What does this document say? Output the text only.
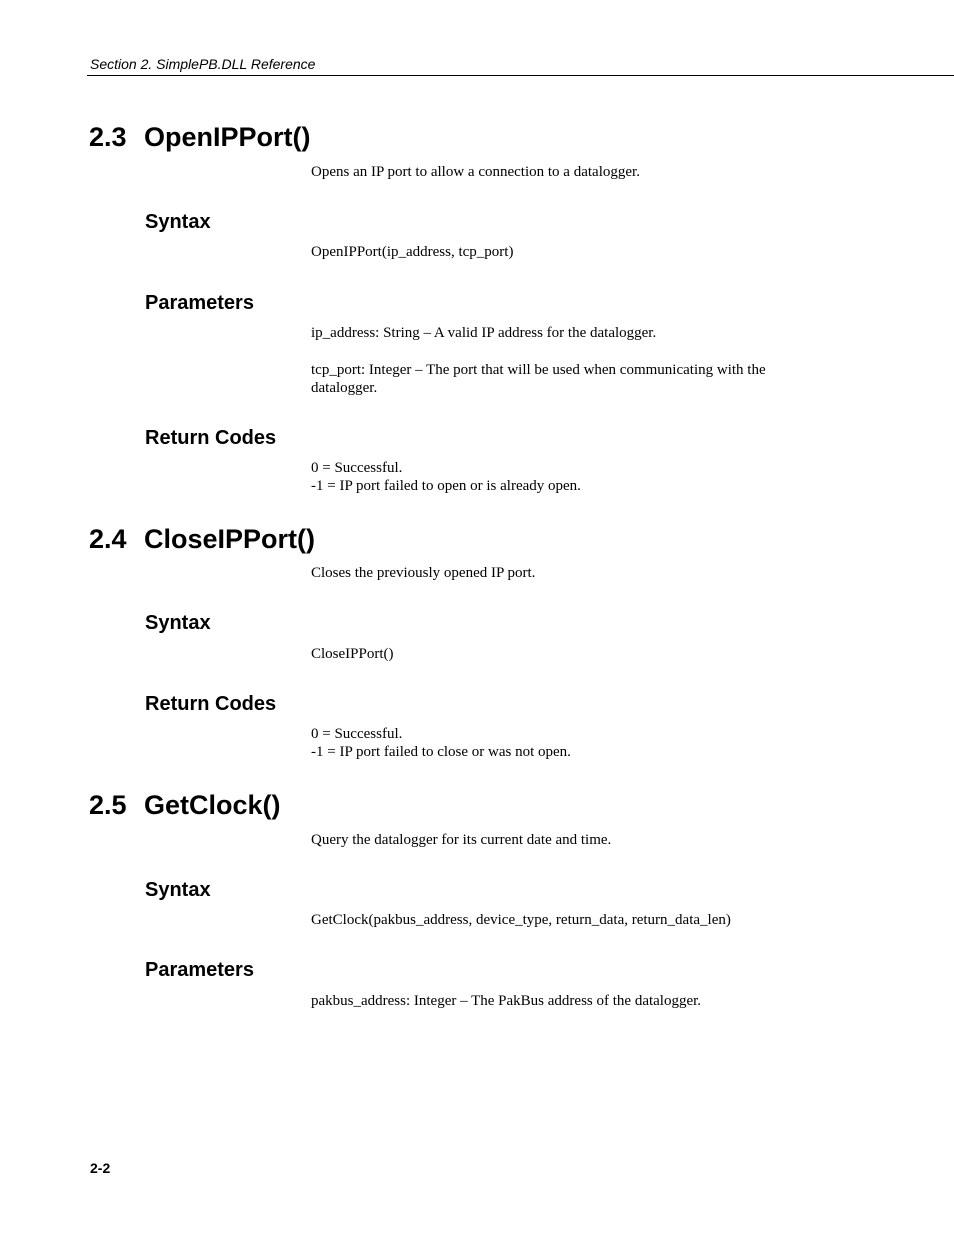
Section 2. SimplePB.DLL Reference
2.3 OpenIPPort()

Opens an IP port to allow a connection to a datalogger.

Syntax

OpenIPPort(ip_address, tcp_port)

Parameters

ip_address: String – A valid IP address for the datalogger.

tcp_port: Integer – The port that will be used when communicating with the datalogger.

Return Codes

0 = Successful.

-1 = IP port failed to open or is already open.

2.4 CloseIPPort()

Closes the previously opened IP port.

Syntax

CloseIPPort()

Return Codes

0 = Successful.

-1 = IP port failed to close or was not open.

2.5 GetClock()

Query the datalogger for its current date and time.

Syntax

GetClock(pakbus_address, device_type, return_data, return_data_len)

Parameters

pakbus_address: Integer – The PakBus address of the datalogger.

2-2
